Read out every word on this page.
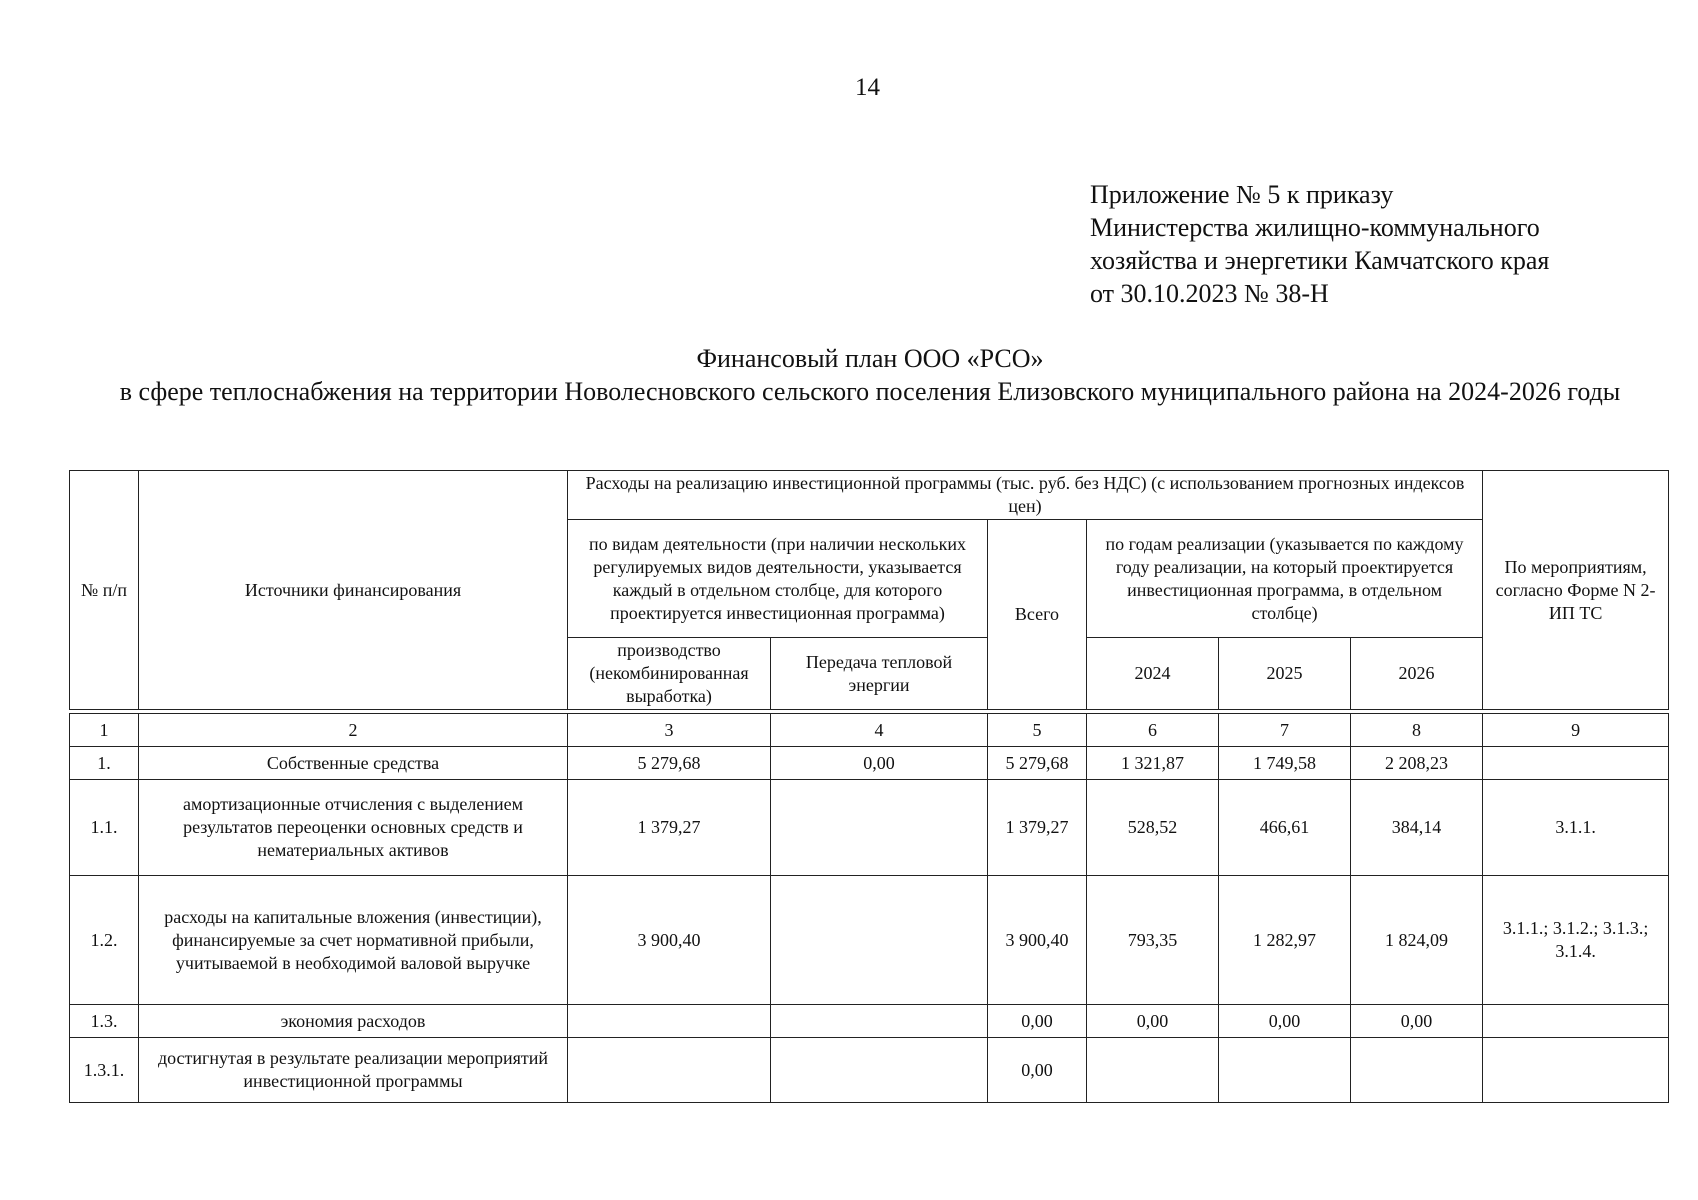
14
Приложение № 5 к приказу
Министерства жилищно-коммунального
хозяйства и энергетики Камчатского края
от 30.10.2023 № 38-Н
Финансовый план ООО «РСО»
в сфере теплоснабжения на территории Новолесновского сельского поселения Елизовского муниципального района на 2024-2026 годы
№ п/п	Источники финансирования	Расходы на реализацию инвестиционной программы (тыс. руб. без НДС) (с использованием прогнозных индексов цен)						По мероприятиям, согласно Форме N 2-ИП ТС
		по видам деятельности (при наличии нескольких регулируемых видов деятельности, указывается каждый в отдельном столбце, для которого проектируется инвестиционная программа)		Всего	по годам реализации (указывается по каждому году реализации, на который проектируется инвестиционная программа, в отдельном столбце)			
		производство (некомбинированная выработка)	Передача тепловой энергии		2024	2025	2026	

1	2	3	4	5	6	7	8	9
1.	Собственные средства	5 279,68	0,00	5 279,68	1 321,87	1 749,58	2 208,23	
1.1.	амортизационные отчисления с выделением результатов переоценки основных средств и нематериальных активов	1 379,27		1 379,27	528,52	466,61	384,14	3.1.1.
1.2.	расходы на капитальные вложения (инвестиции), финансируемые за счет нормативной прибыли, учитываемой в необходимой валовой выручке	3 900,40		3 900,40	793,35	1 282,97	1 824,09	3.1.1.; 3.1.2.; 3.1.3.; 3.1.4.
1.3.	экономия расходов			0,00	0,00	0,00	0,00	
1.3.1.	достигнутая в результате реализации мероприятий инвестиционной программы			0,00				
